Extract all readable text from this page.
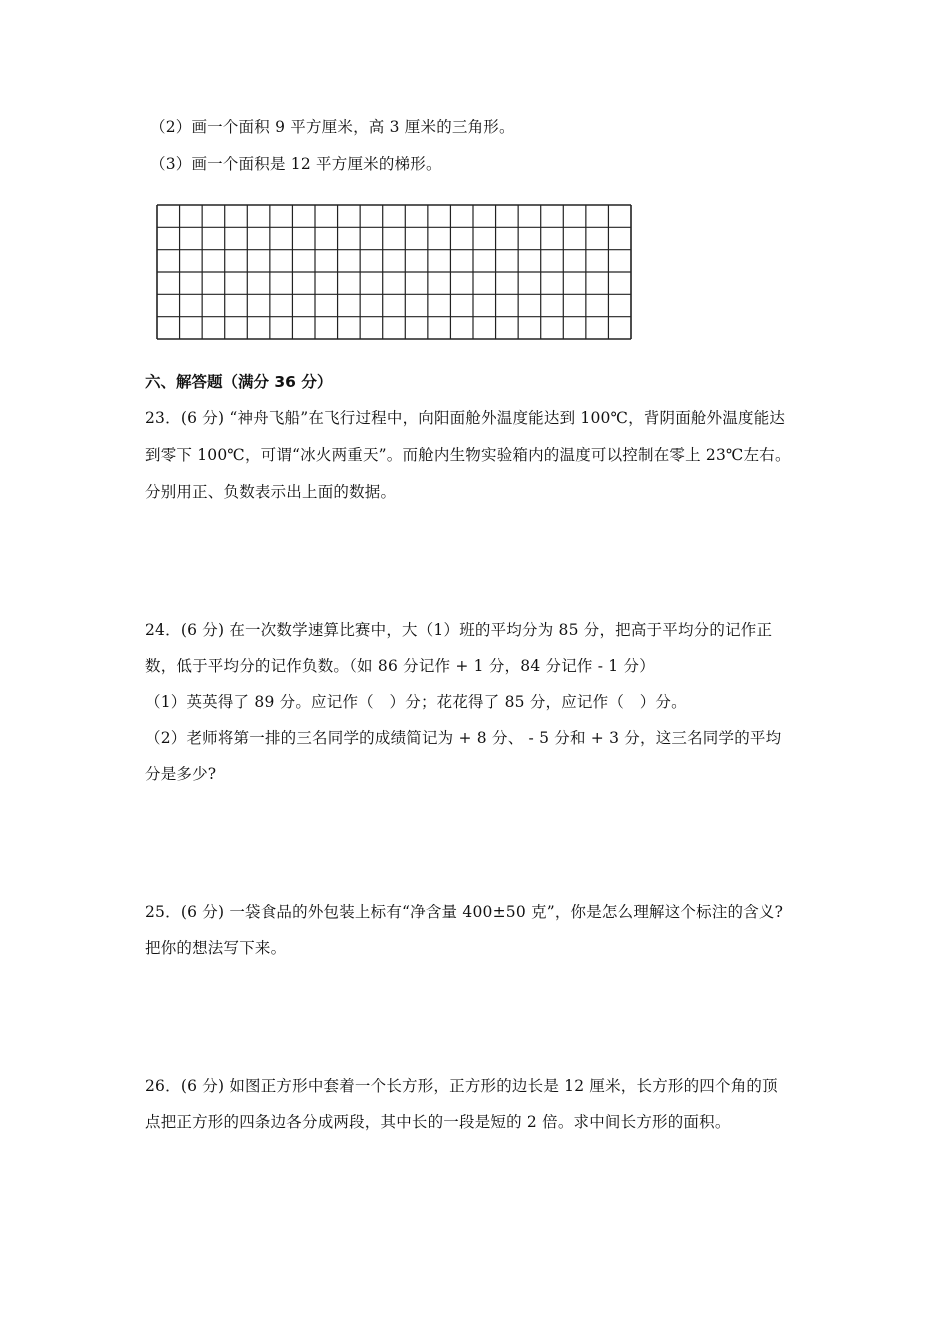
（2）画一个面积 9 平方厘米，高 3 厘米的三角形。
（3）画一个面积是 12 平方厘米的梯形。
六、解答题（满分 36 分）
23．(6 分) “神舟飞船”在飞行过程中，向阳面舱外温度能达到 100℃，背阴面舱外温度能达
到零下 100℃，可谓“冰火两重天”。而舱内生物实验箱内的温度可以控制在零上 23℃左右。
分别用正、负数表示出上面的数据。
24．(6 分) 在一次数学速算比赛中，大（1）班的平均分为 85 分，把高于平均分的记作正
数，低于平均分的记作负数。（如 86 分记作 + 1 分，84 分记作 - 1 分）
（1）英英得了 89 分。应记作（　）分；花花得了 85 分，应记作（　）分。
（2）老师将第一排的三名同学的成绩简记为 + 8 分、 - 5 分和 + 3 分，这三名同学的平均
分是多少?
25．(6 分) 一袋食品的外包装上标有“净含量 400±50 克”，你是怎么理解这个标注的含义?
把你的想法写下来。
26．(6 分) 如图正方形中套着一个长方形，正方形的边长是 12 厘米，长方形的四个角的顶
点把正方形的四条边各分成两段，其中长的一段是短的 2 倍。求中间长方形的面积。
